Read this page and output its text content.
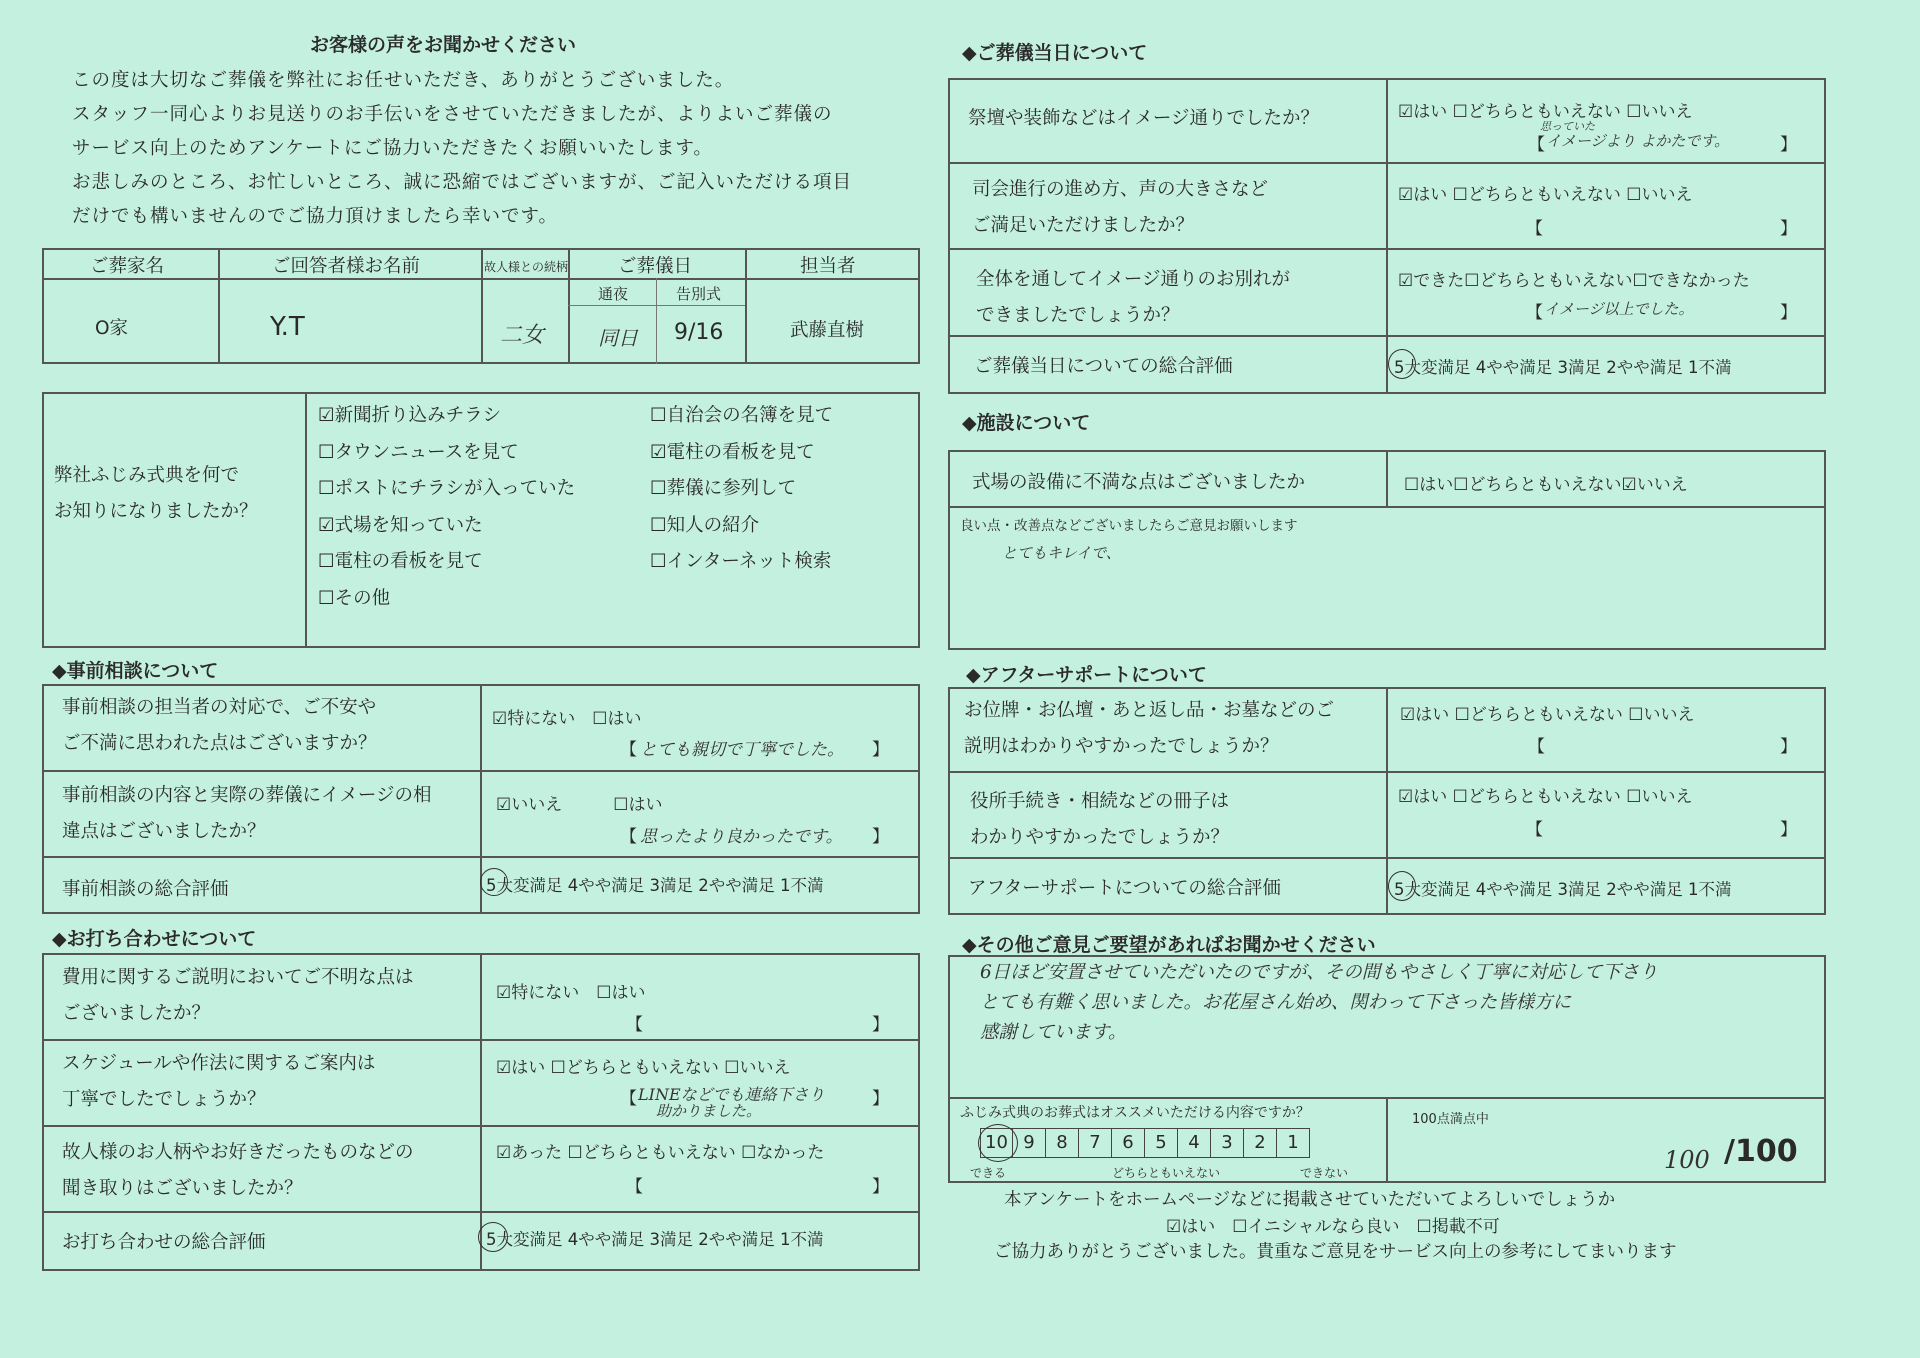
お客様の声をお聞かせください
この度は大切なご葬儀を弊社にお任せいただき、ありがとうございました。
スタッフ一同心よりお見送りのお手伝いをさせていただきましたが、よりよいご葬儀の
サービス向上のためアンケートにご協力いただきたくお願いいたします。
お悲しみのところ、お忙しいところ、誠に恐縮ではございますが、ご記入いただける項目
だけでも構いませんのでご協力頂けましたら幸いです。
ご葬家名	ご回答者様お名前	故人様との続柄	ご葬儀日	担当者
通夜	告別式
O家	Y.T	二女	同日 9/16	武藤直樹
弊社ふじみ式典を何で
お知りになりましたか？
☑新聞折り込みチラシ
☐タウンニュースを見て
☐ポストにチラシが入っていた
☑式場を知っていた
☐電柱の看板を見て
☐その他
☐自治会の名簿を見て
☑電柱の看板を見て
☐葬儀に参列して
☐知人の紹介
☐インターネット検索
◆事前相談について
事前相談の担当者の対応で、ご不安や
ご不満に思われた点はございますか？
☑特にない　☐はい
【 とても親切で丁寧でした。 】
事前相談の内容と実際の葬儀にイメージの相
違点はございましたか？
☑いいえ　　　☐はい
【 思ったより良かったです。 】
事前相談の総合評価	5大変満足 4やや満足 3満足 2やや満足 1不満
◆お打ち合わせについて
費用に関するご説明においてご不明な点は
ございましたか？
☑特にない　☐はい
【	】
スケジュールや作法に関するご案内は
丁寧でしたでしょうか？
☑はい ☐どちらともいえない ☐いいえ
【 LINEなどでも連絡下さり
助かりました。
】
故人様のお人柄やお好きだったものなどの
聞き取りはございましたか？
☑あった ☐どちらともいえない ☐なかった
【	】
お打ち合わせの総合評価	5大変満足 4やや満足 3満足 2やや満足 1不満
◆ご葬儀当日について
祭壇や装飾などはイメージ通りでしたか？	☑はい ☐どちらともいえない ☐いいえ
思っていた
【 イメージより よかたです。	】
司会進行の進め方、声の大きさなど
ご満足いただけましたか？
☑はい ☐どちらともいえない ☐いいえ
【	】
全体を通してイメージ通りのお別れが
できましたでしょうか？
☑できた☐どちらともいえない☐できなかった
【 イメージ以上でした。	】
ご葬儀当日についての総合評価	5大変満足 4やや満足 3満足 2やや満足 1不満
◆施設について
式場の設備に不満な点はございましたか	☐はい☐どちらともいえない☑いいえ
良い点・改善点などございましたらご意見お願いします
とてもキレイで、
◆アフターサポートについて
お位牌・お仏壇・あと返し品・お墓などのご
説明はわかりやすかったでしょうか？
☑はい ☐どちらともいえない ☐いいえ
【	】
役所手続き・相続などの冊子は
わかりやすかったでしょうか？
☑はい ☐どちらともいえない ☐いいえ
【	】
アフターサポートについての総合評価	5大変満足 4やや満足 3満足 2やや満足 1不満
◆その他ご意見ご要望があればお聞かせください
6日ほど安置させていただいたのですが、その間もやさしく丁寧に対応して下さり
とても有難く思いました。お花屋さん始め、関わって下さった皆様方に
感謝しています。
ふじみ式典のお葬式はオススメいただける内容ですか？
10 9	8	7	6	5	4	3	2	1
できる	どちらともいえない	できない
100点満点中
100 /100
本アンケートをホームページなどに掲載させていただいてよろしいでしょうか
☑はい　☐イニシャルなら良い　☐掲載不可
ご協力ありがとうございました。貴重なご意見をサービス向上の参考にしてまいります
